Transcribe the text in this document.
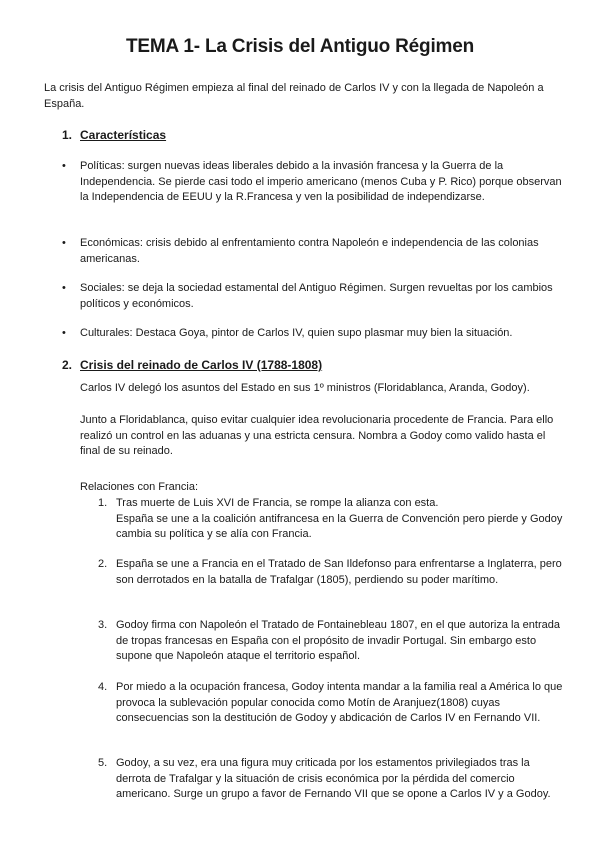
TEMA 1- La Crisis del Antiguo Régimen

La crisis del Antiguo Régimen empieza al final del reinado de Carlos IV y con la llegada de Napoleón a España.

1. Características
•	Políticas: surgen nuevas ideas liberales debido a la invasión francesa y la Guerra de la Independencia. Se pierde casi todo el imperio americano (menos Cuba y P. Rico) porque observan la Independencia de EEUU y la R.Francesa y ven la posibilidad de independizarse.
•	Económicas: crisis debido al enfrentamiento contra Napoleón e independencia de las colonias americanas.
•	Sociales: se deja la sociedad estamental del Antiguo Régimen. Surgen revueltas por los cambios políticos y económicos.
•	Culturales: Destaca Goya, pintor de Carlos IV, quien supo plasmar muy bien la situación.
2. Crisis del reinado de Carlos IV (1788-1808)

Carlos IV delegó los asuntos del Estado en sus 1º ministros (Floridablanca, Aranda, Godoy).

Junto a Floridablanca, quiso evitar cualquier idea revolucionaria procedente de Francia. Para ello realizó un control en las aduanas y una estricta censura. Nombra a Godoy como valido hasta el final de su reinado.

Relaciones con Francia:

1. Tras muerte de Luis XVI de Francia, se rompe la alianza con esta.
España se une a la coalición antifrancesa en la Guerra de Convención pero pierde y Godoy cambia su política y se alía con Francia.
2. España se une a Francia en el Tratado de San Ildefonso para enfrentarse a Inglaterra, pero son derrotados en la batalla de Trafalgar (1805), perdiendo su poder marítimo.
3. Godoy firma con Napoleón el Tratado de Fontainebleau 1807, en el que autoriza la entrada de tropas francesas en España con el propósito de invadir Portugal. Sin embargo esto supone que Napoleón ataque el territorio español.
4. Por miedo a la ocupación francesa, Godoy intenta mandar a la familia real a América lo que provoca la sublevación popular conocida como Motín de Aranjuez(1808) cuyas consecuencias son la destitución de Godoy y abdicación de Carlos IV en Fernando VII.
5. Godoy, a su vez, era una figura muy criticada por los estamentos privilegiados tras la derrota de Trafalgar y la situación de crisis económica por la pérdida del comercio americano. Surge un grupo a favor de Fernando VII que se opone a Carlos IV y a Godoy.
